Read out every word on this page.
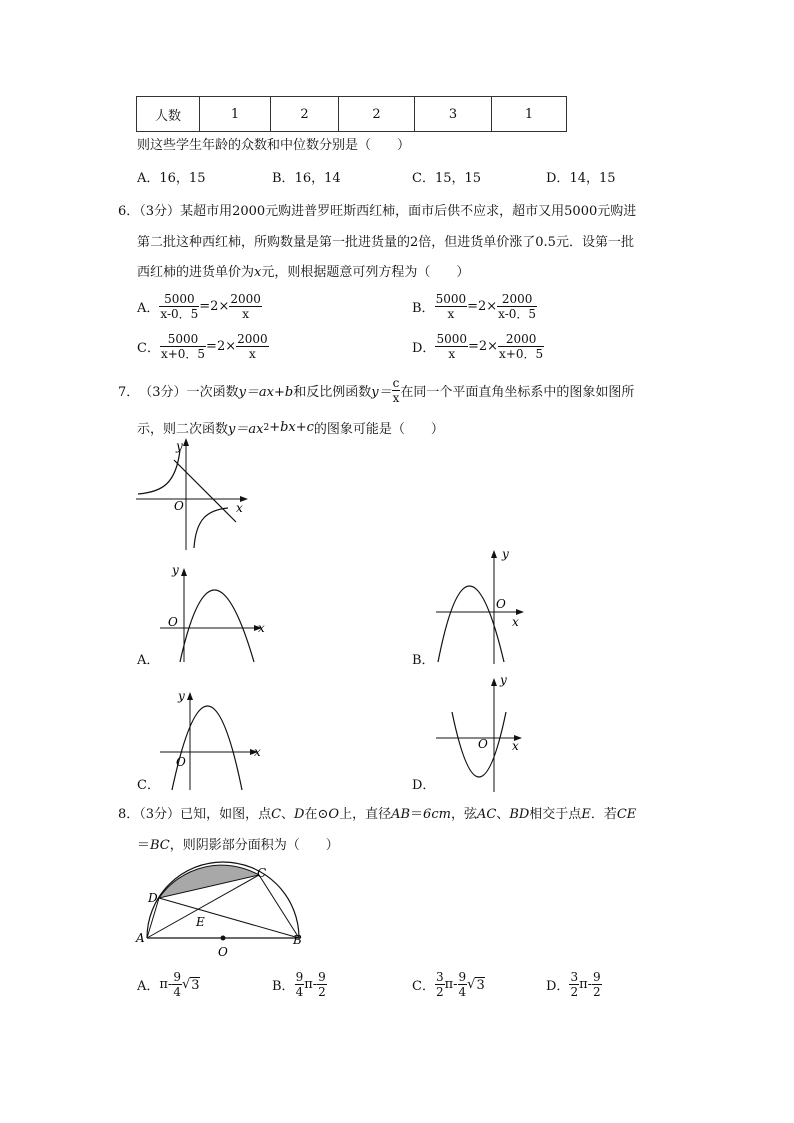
人数	1	2	2	3	1
则这些学生年龄的众数和中位数分别是（　　）
A．16，15	B．16，14	C．15，15	D．14，15
6．（3分）某超市用2000元购进普罗旺斯西红柿，面市后供不应求，超市又用5000元购进
第二批这种西红柿，所购数量是第一批进货量的2倍，但进货单价涨了0.5元．设第一批
西红柿的进货单价为x元，则根据题意可列方程为（　　）
A． $\frac{5000}{x-0.5} =2\times \frac{2000}{x}$	B． $\frac{5000}{x} =2\times \frac{2000}{x-0.5}$
C． $\frac{5000}{x+0.5} =2\times \frac{2000}{x}$	D． $\frac{5000}{x} =2\times \frac{2000}{x+0.5}$
7． （3分） 一次函数 y＝ax+b 和反比例函数 $y= \frac{c}{x}$ 在同一个平面直角坐标系中的图象如图所
示，则二次函数 y＝ax 2 +bx+c 的图象可能是（　　）
x
y
O
x
y
O
A．
x
y
O
B．
x
y
O
C．
x
y
O
D．
8．（3分）已知，如图，点C、D在⊙O上，直径AB＝6cm，弦AC、BD相交于点E．若CE
＝BC，则阴影部分面积为（　　）
A	B
C
D
E
O
A． $\pi- \frac{9}{4}$ √ 3	B． $\frac{9}{4} \pi- \frac{9}{2}$	C． $\frac{3}{2} \pi- \frac{9}{4}$ √ 3	D． $\frac{3}{2} \pi- \frac{9}{2}$
